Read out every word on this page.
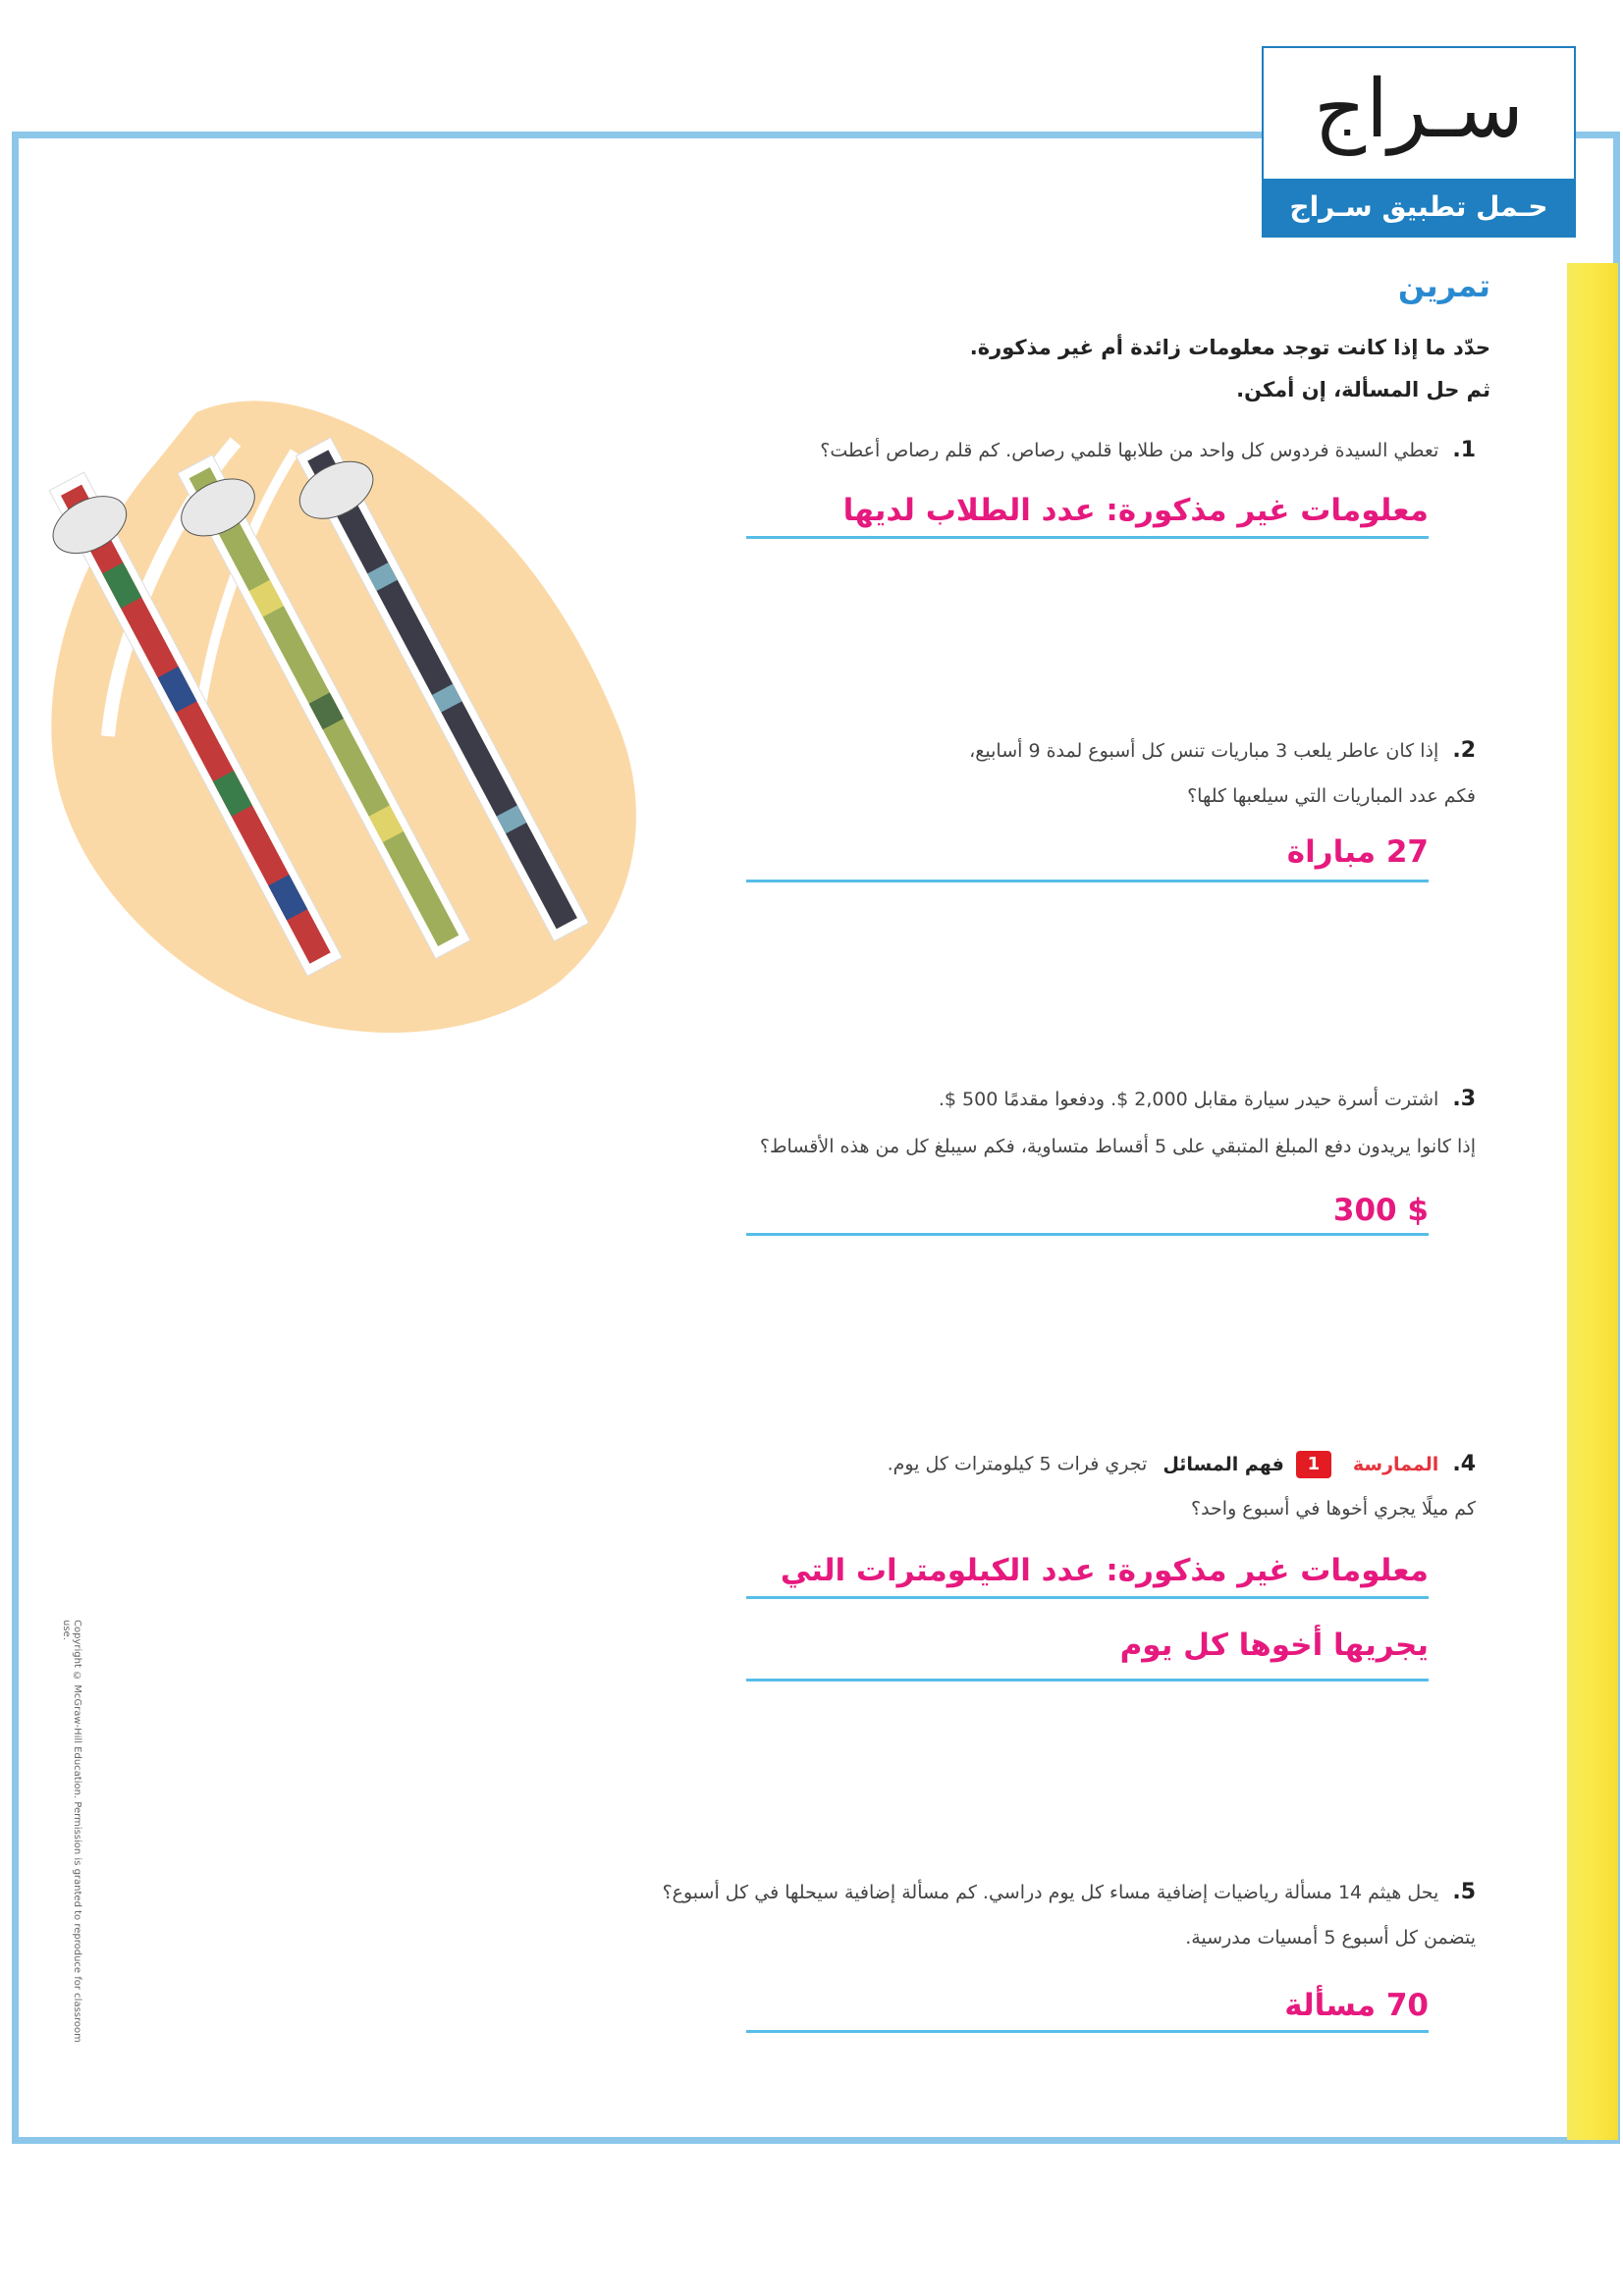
سـراج
حـمل تطبيق سـراج
تمرين
حدّد ما إذا كانت توجد معلومات زائدة أم غير مذكورة.
ثم حل المسألة، إن أمكن.
1. تعطي السيدة فردوس كل واحد من طلابها قلمي رصاص. كم قلم رصاص أعطت؟
معلومات غير مذكورة: عدد الطلاب لديها
2. إذا كان عاطر يلعب 3 مباريات تنس كل أسبوع لمدة 9 أسابيع،
فكم عدد المباريات التي سيلعبها كلها؟
27 مباراة
3. اشترت أسرة حيدر سيارة مقابل 2,000 $. ودفعوا مقدمًا 500 $.
إذا كانوا يريدون دفع المبلغ المتبقي على 5 أقساط متساوية، فكم سيبلغ كل من هذه الأقساط؟
$ 300
4. الممارسة 1 فهم المسائل تجري فرات 5 كيلومترات كل يوم.
كم ميلًا يجري أخوها في أسبوع واحد؟
معلومات غير مذكورة: عدد الكيلومترات التي
يجريها أخوها كل يوم
5. يحل هيثم 14 مسألة رياضيات إضافية مساء كل يوم دراسي. كم مسألة إضافية سيحلها في كل أسبوع؟
يتضمن كل أسبوع 5 أمسيات مدرسية.
70 مسألة
Copyright © McGraw-Hill Education. Permission is granted to reproduce for classroom use.
